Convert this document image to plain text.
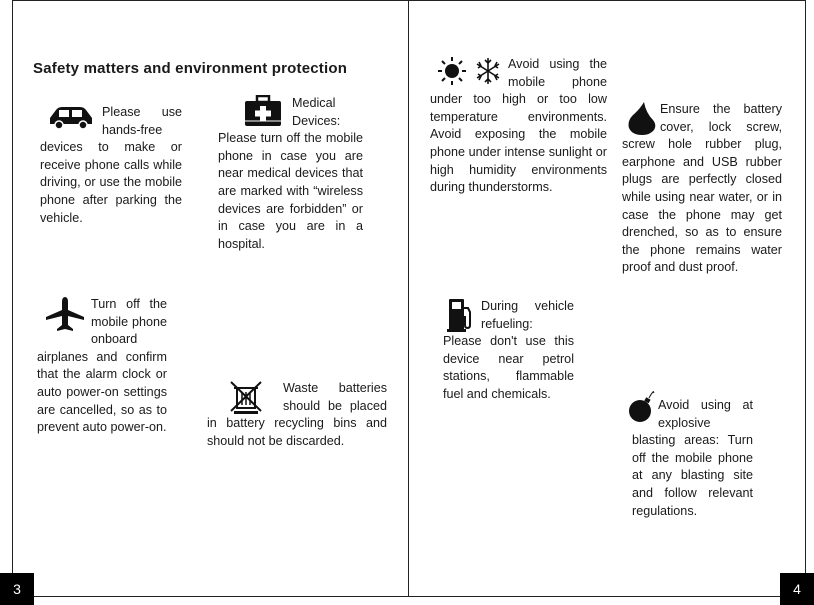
3	4
Safety matters and environment protection
Please use hands-free devices to make or receive phone calls while driving, or use the mobile phone after parking the vehicle.
Medical Devices: Please turn off the mobile phone in case you are near medical devices that are marked with “wireless devices are forbidden” or in case you are in a hospital.
Turn off the mobile phone onboard airplanes and confirm that the alarm clock or auto power-on settings are cancelled, so as to prevent auto power-on.
Waste batteries should be placed in battery recycling bins and should not be discarded.
Avoid using the mobile phone under too high or too low temperature environments. Avoid exposing the mobile phone under intense sunlight or high humidity environments during thunderstorms.
During vehicle refueling: Please don't use this device near petrol stations, flammable fuel and chemicals.
Ensure the battery cover, lock screw, screw hole rubber plug, earphone and USB rubber plugs are perfectly closed while using near water, or in case the phone may get drenched, so as to ensure the phone remains water proof and dust proof.
Avoid using at explosive blasting areas: Turn off the mobile phone at any blasting site and follow relevant regulations.
